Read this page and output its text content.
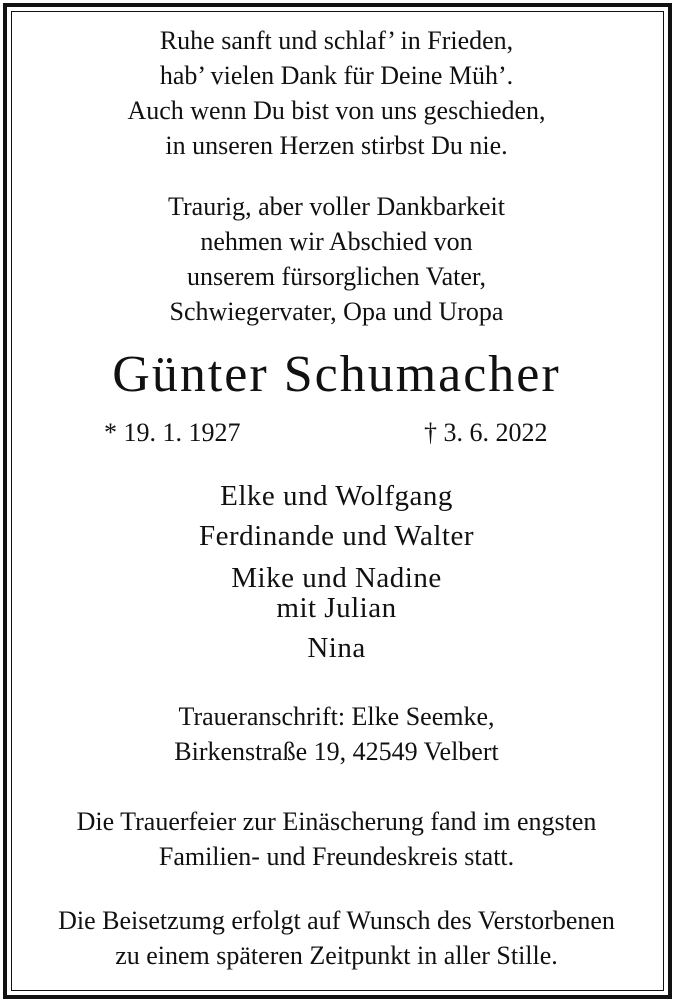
Ruhe sanft und schlaf’ in Frieden,
hab’ vielen Dank für Deine Müh’.
Auch wenn Du bist von uns geschieden,
in unseren Herzen stirbst Du nie.
Traurig, aber voller Dankbarkeit
nehmen wir Abschied von
unserem fürsorglichen Vater,
Schwiegervater, Opa und Uropa
Günter Schumacher
* 19. 1. 1927	† 3. 6. 2022
Elke und Wolfgang
Ferdinande und Walter
Mike und Nadine
mit Julian
Nina
Traueranschrift: Elke Seemke,
Birkenstraße 19, 42549 Velbert
Die Trauerfeier zur Einäscherung fand im engsten
Familien- und Freundeskreis statt.
Die Beisetzumg erfolgt auf Wunsch des Verstorbenen
zu einem späteren Zeitpunkt in aller Stille.
